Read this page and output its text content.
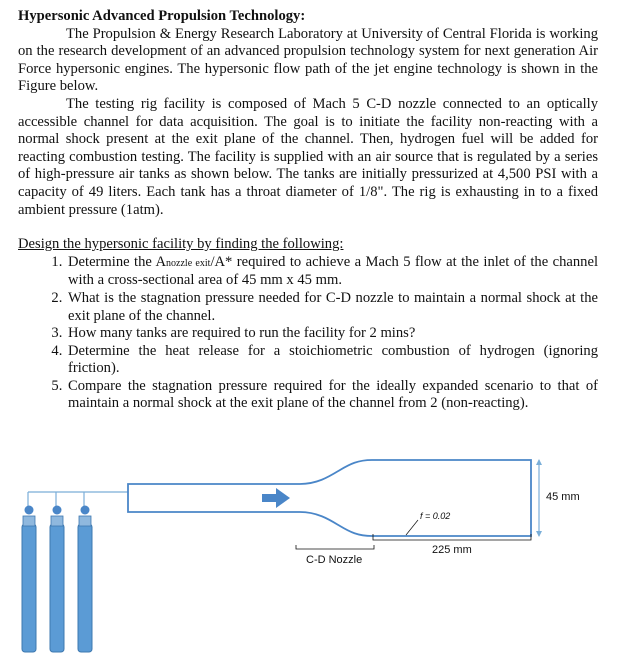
Hypersonic Advanced Propulsion Technology:

The Propulsion & Energy Research Laboratory at University of Central Florida is working on the research development of an advanced propulsion technology system for next generation Air Force hypersonic engines. The hypersonic flow path of the jet engine technology is shown in the Figure below.

The testing rig facility is composed of Mach 5 C-D nozzle connected to an optically accessible channel for data acquisition. The goal is to initiate the facility non-reacting with a normal shock present at the exit plane of the channel. Then, hydrogen fuel will be added for reacting combustion testing. The facility is supplied with an air source that is regulated by a series of high-pressure air tanks as shown below. The tanks are initially pressurized at 4,500 PSI with a capacity of 49 liters. Each tank has a throat diameter of 1/8". The rig is exhausting in to a fixed ambient pressure (1atm).

Design the hypersonic facility by finding the following:
1. Determine the Anozzle exit/A* required to achieve a Mach 5 flow at the inlet of the channel with a cross-sectional area of 45 mm x 45 mm.
2. What is the stagnation pressure needed for C-D nozzle to maintain a normal shock at the exit plane of the channel.
3. How many tanks are required to run the facility for 2 mins?
4. Determine the heat release for a stoichiometric combustion of hydrogen (ignoring friction).
5. Compare the stagnation pressure required for the ideally expanded scenario to that of maintain a normal shock at the exit plane of the channel from 2 (non-reacting).
C-D Nozzle
f = 0.02
225 mm
45 mm
